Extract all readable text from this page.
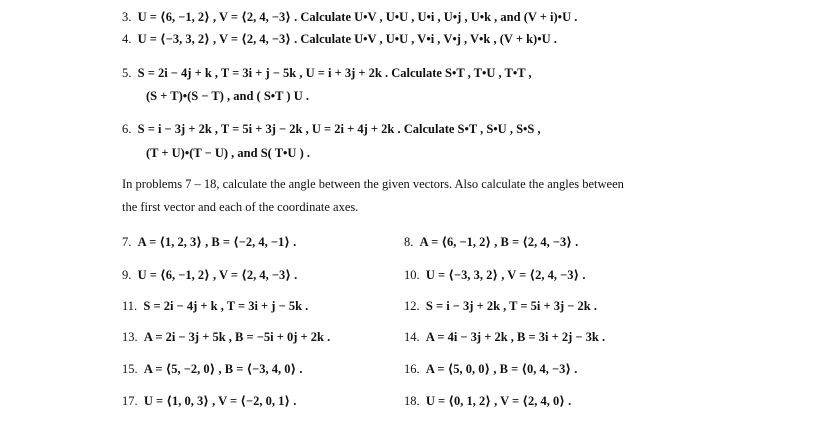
3. U = ⟨6, −1, 2⟩ , V = ⟨2, 4, −3⟩ . Calculate U•V , U•U , U•i , U•j , U•k , and (V + i)•U .
4. U = ⟨−3, 3, 2⟩ , V = ⟨2, 4, −3⟩ . Calculate U•V , U•U , V•i , V•j , V•k , (V + k)•U .
5. S = 2i − 4j + k , T = 3i + j − 5k , U = i + 3j + 2k . Calculate S•T , T•U , T•T ,
(S + T)•(S − T) , and ( S•T ) U .
6. S = i − 3j + 2k , T = 5i + 3j − 2k , U = 2i + 4j + 2k . Calculate S•T , S•U , S•S ,
(T + U)•(T − U) , and S( T•U ) .
In problems 7 – 18, calculate the angle between the given vectors. Also calculate the angles between
the first vector and each of the coordinate axes.
7. A = ⟨1, 2, 3⟩ , B = ⟨−2, 4, −1⟩ .	8. A = ⟨6, −1, 2⟩ , B = ⟨2, 4, −3⟩ .
9. U = ⟨6, −1, 2⟩ , V = ⟨2, 4, −3⟩ .	10. U = ⟨−3, 3, 2⟩ , V = ⟨2, 4, −3⟩ .
11. S = 2i − 4j + k , T = 3i + j − 5k .	12. S = i − 3j + 2k , T = 5i + 3j − 2k .
13. A = 2i − 3j + 5k , B = −5i + 0j + 2k .	14. A = 4i − 3j + 2k , B = 3i + 2j − 3k .
15. A = ⟨5, −2, 0⟩ , B = ⟨−3, 4, 0⟩ .	16. A = ⟨5, 0, 0⟩ , B = ⟨0, 4, −3⟩ .
17. U = ⟨1, 0, 3⟩ , V = ⟨−2, 0, 1⟩ .	18. U = ⟨0, 1, 2⟩ , V = ⟨2, 4, 0⟩ .
